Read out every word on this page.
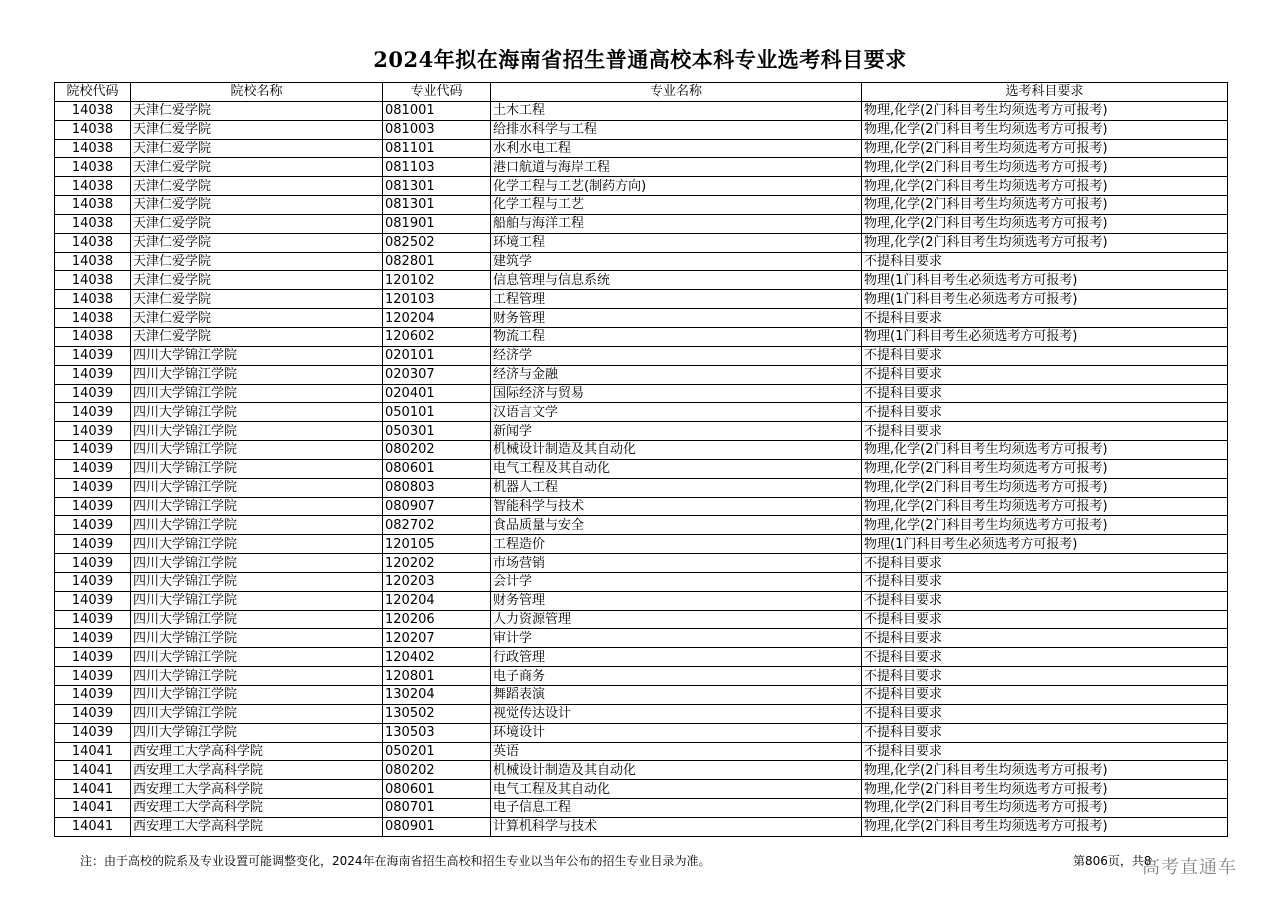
2024年拟在海南省招生普通高校本科专业选考科目要求
院校代码	院校名称	专业代码	专业名称	选考科目要求
14038	天津仁爱学院	081001	土木工程	物理,化学(2门科目考生均须选考方可报考)
14038	天津仁爱学院	081003	给排水科学与工程	物理,化学(2门科目考生均须选考方可报考)
14038	天津仁爱学院	081101	水利水电工程	物理,化学(2门科目考生均须选考方可报考)
14038	天津仁爱学院	081103	港口航道与海岸工程	物理,化学(2门科目考生均须选考方可报考)
14038	天津仁爱学院	081301	化学工程与工艺(制药方向)	物理,化学(2门科目考生均须选考方可报考)
14038	天津仁爱学院	081301	化学工程与工艺	物理,化学(2门科目考生均须选考方可报考)
14038	天津仁爱学院	081901	船舶与海洋工程	物理,化学(2门科目考生均须选考方可报考)
14038	天津仁爱学院	082502	环境工程	物理,化学(2门科目考生均须选考方可报考)
14038	天津仁爱学院	082801	建筑学	不提科目要求
14038	天津仁爱学院	120102	信息管理与信息系统	物理(1门科目考生必须选考方可报考)
14038	天津仁爱学院	120103	工程管理	物理(1门科目考生必须选考方可报考)
14038	天津仁爱学院	120204	财务管理	不提科目要求
14038	天津仁爱学院	120602	物流工程	物理(1门科目考生必须选考方可报考)
14039	四川大学锦江学院	020101	经济学	不提科目要求
14039	四川大学锦江学院	020307	经济与金融	不提科目要求
14039	四川大学锦江学院	020401	国际经济与贸易	不提科目要求
14039	四川大学锦江学院	050101	汉语言文学	不提科目要求
14039	四川大学锦江学院	050301	新闻学	不提科目要求
14039	四川大学锦江学院	080202	机械设计制造及其自动化	物理,化学(2门科目考生均须选考方可报考)
14039	四川大学锦江学院	080601	电气工程及其自动化	物理,化学(2门科目考生均须选考方可报考)
14039	四川大学锦江学院	080803	机器人工程	物理,化学(2门科目考生均须选考方可报考)
14039	四川大学锦江学院	080907	智能科学与技术	物理,化学(2门科目考生均须选考方可报考)
14039	四川大学锦江学院	082702	食品质量与安全	物理,化学(2门科目考生均须选考方可报考)
14039	四川大学锦江学院	120105	工程造价	物理(1门科目考生必须选考方可报考)
14039	四川大学锦江学院	120202	市场营销	不提科目要求
14039	四川大学锦江学院	120203	会计学	不提科目要求
14039	四川大学锦江学院	120204	财务管理	不提科目要求
14039	四川大学锦江学院	120206	人力资源管理	不提科目要求
14039	四川大学锦江学院	120207	审计学	不提科目要求
14039	四川大学锦江学院	120402	行政管理	不提科目要求
14039	四川大学锦江学院	120801	电子商务	不提科目要求
14039	四川大学锦江学院	130204	舞蹈表演	不提科目要求
14039	四川大学锦江学院	130502	视觉传达设计	不提科目要求
14039	四川大学锦江学院	130503	环境设计	不提科目要求
14041	西安理工大学高科学院	050201	英语	不提科目要求
14041	西安理工大学高科学院	080202	机械设计制造及其自动化	物理,化学(2门科目考生均须选考方可报考)
14041	西安理工大学高科学院	080601	电气工程及其自动化	物理,化学(2门科目考生均须选考方可报考)
14041	西安理工大学高科学院	080701	电子信息工程	物理,化学(2门科目考生均须选考方可报考)
14041	西安理工大学高科学院	080901	计算机科学与技术	物理,化学(2门科目考生均须选考方可报考)
注：由于高校的院系及专业设置可能调整变化，2024年在海南省招生高校和招生专业以当年公布的招生专业目录为准。	第806页，共8
高考直通车
